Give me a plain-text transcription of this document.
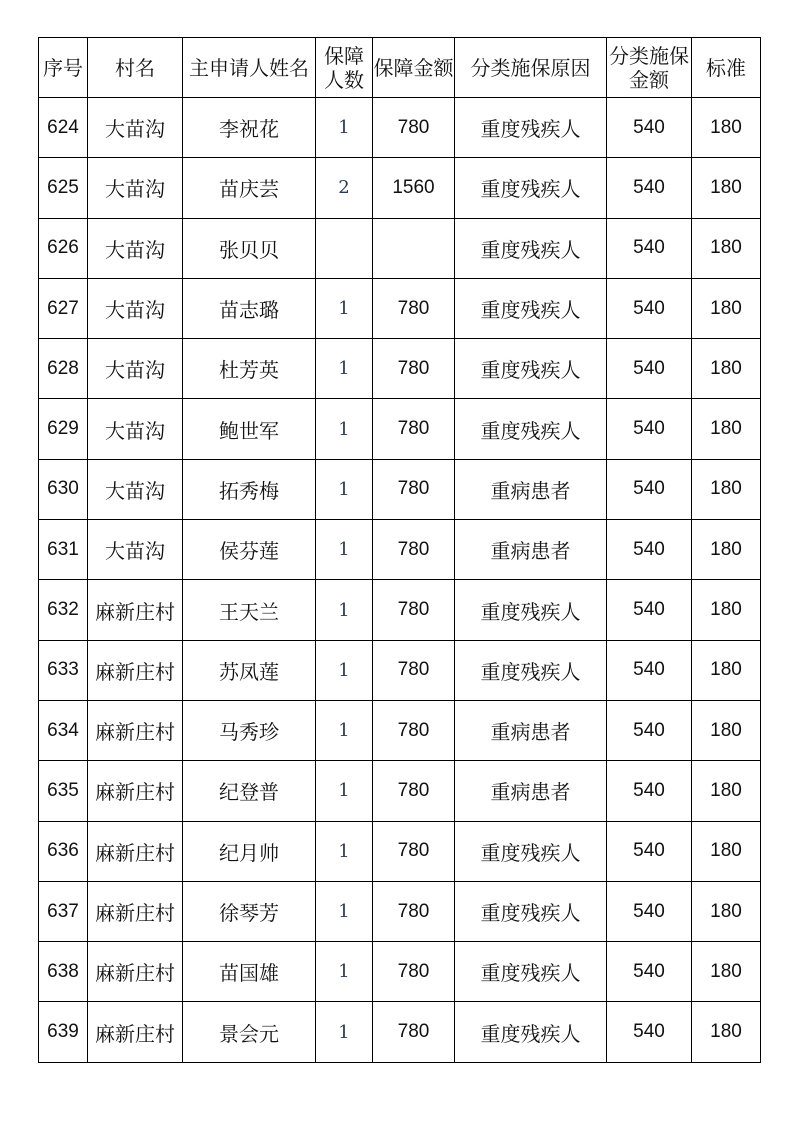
序号	村名	主申请人姓名	保障人数	保障金额	分类施保原因	分类施保金额	标准
624	大苗沟	李祝花	1	780	重度残疾人	540	180
625	大苗沟	苗庆芸	2	1560	重度残疾人	540	180
626	大苗沟	张贝贝			重度残疾人	540	180
627	大苗沟	苗志璐	1	780	重度残疾人	540	180
628	大苗沟	杜芳英	1	780	重度残疾人	540	180
629	大苗沟	鲍世军	1	780	重度残疾人	540	180
630	大苗沟	拓秀梅	1	780	重病患者	540	180
631	大苗沟	侯芬莲	1	780	重病患者	540	180
632	麻新庄村	王天兰	1	780	重度残疾人	540	180
633	麻新庄村	苏凤莲	1	780	重度残疾人	540	180
634	麻新庄村	马秀珍	1	780	重病患者	540	180
635	麻新庄村	纪登普	1	780	重病患者	540	180
636	麻新庄村	纪月帅	1	780	重度残疾人	540	180
637	麻新庄村	徐琴芳	1	780	重度残疾人	540	180
638	麻新庄村	苗国雄	1	780	重度残疾人	540	180
639	麻新庄村	景会元	1	780	重度残疾人	540	180
